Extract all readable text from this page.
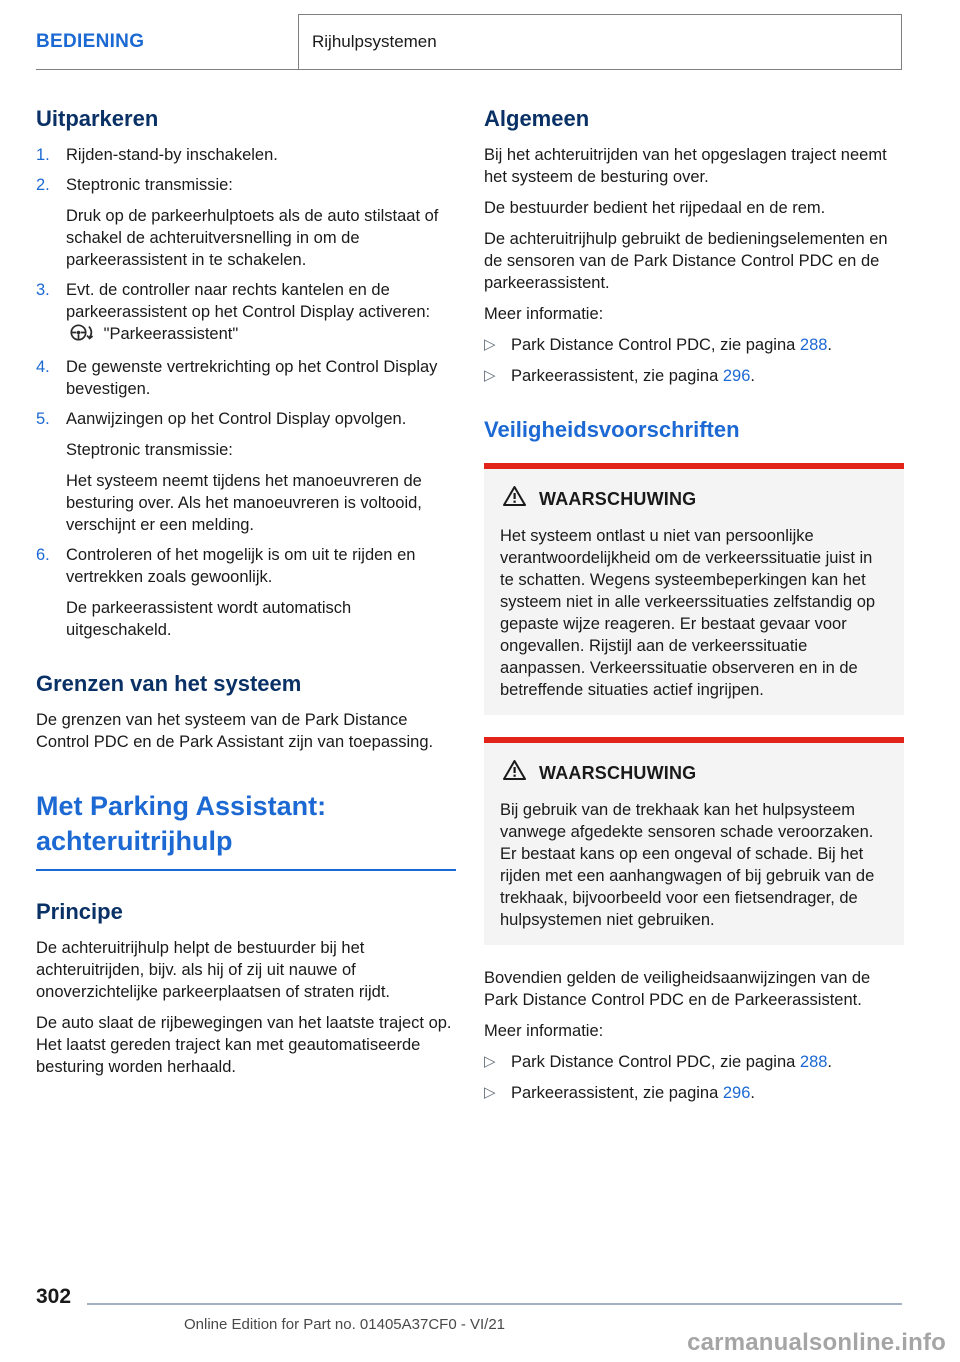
BEDIENING	Rijhulpsystemen
Uitparkeren
1. Rijden-stand-by inschakelen.

2. Steptronic transmissie:

Druk op de parkeerhulptoets als de auto stilstaat of schakel de achteruitversnelling in om de parkeerassistent in te schakelen.

3. Evt. de controller naar rechts kantelen en de parkeerassistent op het Control Display activeren:  "Parkeerassistent"

4. De gewenste vertrekrichting op het Control Display bevestigen.

5. Aanwijzingen op het Control Display opvolgen.

Steptronic transmissie:

Het systeem neemt tijdens het manoeuvreren de besturing over. Als het manoeuvreren is voltooid, verschijnt er een melding.

6. Controleren of het mogelijk is om uit te rijden en vertrekken zoals gewoonlijk.

De parkeerassistent wordt automatisch uitgeschakeld.

Grenzen van het systeem

De grenzen van het systeem van de Park Distance Control PDC en de Park Assistant zijn van toepassing.

Met Parking Assistant:
achteruitrijhulp
Principe

De achteruitrijhulp helpt de bestuurder bij het achteruitrijden, bijv. als hij of zij uit nauwe of onoverzichtelijke parkeerplaatsen of straten rijdt.

De auto slaat de rijbewegingen van het laatste traject op. Het laatst gereden traject kan met geautomatiseerde besturing worden herhaald.

Algemeen

Bij het achteruitrijden van het opgeslagen traject neemt het systeem de besturing over.

De bestuurder bedient het rijpedaal en de rem.

De achteruitrijhulp gebruikt de bedieningselementen en de sensoren van de Park Distance Control PDC en de parkeerassistent.

Meer informatie:

▷ Park Distance Control PDC, zie pagina 288.
▷ Parkeerassistent, zie pagina 296.
Veiligheidsvoorschriften
WAARSCHUWING

Het systeem ontlast u niet van persoonlijke verantwoordelijkheid om de verkeerssituatie juist in te schatten. Wegens systeembeperkingen kan het systeem niet in alle verkeerssituaties zelfstandig op gepaste wijze reageren. Er bestaat gevaar voor ongevallen. Rijstijl aan de verkeerssituatie aanpassen. Verkeerssituatie observeren en in de betreffende situaties actief ingrijpen.

WAARSCHUWING

Bij gebruik van de trekhaak kan het hulpsysteem vanwege afgedekte sensoren schade veroorzaken. Er bestaat kans op een ongeval of schade. Bij het rijden met een aanhangwagen of bij gebruik van de trekhaak, bijvoorbeeld voor een fietsendrager, de hulpsystemen niet gebruiken.

Bovendien gelden de veiligheidsaanwijzingen van de Park Distance Control PDC en de Parkeerassistent.

Meer informatie:

▷ Park Distance Control PDC, zie pagina 288.
▷ Parkeerassistent, zie pagina 296.
302
Online Edition for Part no. 01405A37CF0 - VI/21
carmanualsonline.info
